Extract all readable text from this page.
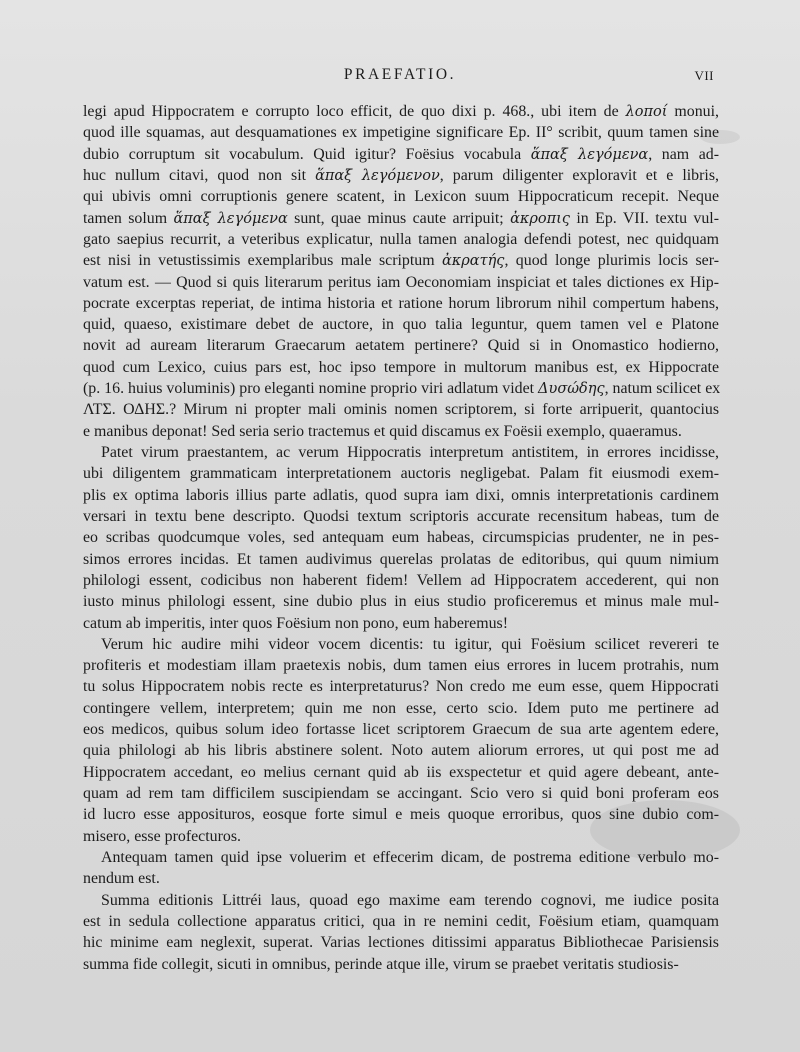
PRAEFATIO.	VII
legi apud Hippocratem e corrupto loco efficit, de quo dixi p. 468., ubi item de λοποί monui,
quod ille squamas, aut desquamationes ex impetigine significare Ep. II° scribit, quum tamen sine
dubio corruptum sit vocabulum. Quid igitur? Foësius vocabula ἅπαξ λεγόμενα, nam ad-
huc nullum citavi, quod non sit ἅπαξ λεγόμενον, parum diligenter exploravit et e libris,
qui ubivis omni corruptionis genere scatent, in Lexicon suum Hippocraticum recepit. Neque
tamen solum ἅπαξ λεγόμενα sunt, quae minus caute arripuit; ἀκροπις in Ep. VII. textu vul-
gato saepius recurrit, a veteribus explicatur, nulla tamen analogia defendi potest, nec quidquam
est nisi in vetustissimis exemplaribus male scriptum ἀκρατής, quod longe plurimis locis ser-
vatum est. — Quod si quis literarum peritus iam Oeconomiam inspiciat et tales dictiones ex Hip-
pocrate excerptas reperiat, de intima historia et ratione horum librorum nihil compertum habens,
quid, quaeso, existimare debet de auctore, in quo talia leguntur, quem tamen vel e Platone
novit ad auream literarum Graecarum aetatem pertinere? Quid si in Onomastico hodierno,
quod cum Lexico, cuius pars est, hoc ipso tempore in multorum manibus est, ex Hippocrate
(p. 16. huius voluminis) pro eleganti nomine proprio viri adlatum videt Δυσώδης, natum scilicet ex
ΛΤΣ. ΟΔΗΣ.? Mirum ni propter mali ominis nomen scriptorem, si forte arripuerit, quantocius
e manibus deponat! Sed seria serio tractemus et quid discamus ex Foësii exemplo, quaeramus.
Patet virum praestantem, ac verum Hippocratis interpretum antistitem, in errores incidisse,
ubi diligentem grammaticam interpretationem auctoris negligebat. Palam fit eiusmodi exem-
plis ex optima laboris illius parte adlatis, quod supra iam dixi, omnis interpretationis cardinem
versari in textu bene descripto. Quodsi textum scriptoris accurate recensitum habeas, tum de
eo scribas quodcumque voles, sed antequam eum habeas, circumspicias prudenter, ne in pes-
simos errores incidas. Et tamen audivimus querelas prolatas de editoribus, qui quum nimium
philologi essent, codicibus non haberent fidem! Vellem ad Hippocratem accederent, qui non
iusto minus philologi essent, sine dubio plus in eius studio proficeremus et minus male mul-
catum ab imperitis, inter quos Foësium non pono, eum haberemus!
Verum hic audire mihi videor vocem dicentis: tu igitur, qui Foësium scilicet revereri te
profiteris et modestiam illam praetexis nobis, dum tamen eius errores in lucem protrahis, num
tu solus Hippocratem nobis recte es interpretaturus? Non credo me eum esse, quem Hippocrati
contingere vellem, interpretem; quin me non esse, certo scio. Idem puto me pertinere ad
eos medicos, quibus solum ideo fortasse licet scriptorem Graecum de sua arte agentem edere,
quia philologi ab his libris abstinere solent. Noto autem aliorum errores, ut qui post me ad
Hippocratem accedant, eo melius cernant quid ab iis exspectetur et quid agere debeant, ante-
quam ad rem tam difficilem suscipiendam se accingant. Scio vero si quid boni proferam eos
id lucro esse apposituros, eosque forte simul e meis quoque erroribus, quos sine dubio com-
misero, esse profecturos.
Antequam tamen quid ipse voluerim et effecerim dicam, de postrema editione verbulo mo-
nendum est.
Summa editionis Littréi laus, quoad ego maxime eam terendo cognovi, me iudice posita
est in sedula collectione apparatus critici, qua in re nemini cedit, Foësium etiam, quamquam
hic minime eam neglexit, superat. Varias lectiones ditissimi apparatus Bibliothecae Parisiensis
summa fide collegit, sicuti in omnibus, perinde atque ille, virum se praebet veritatis studiosis-
